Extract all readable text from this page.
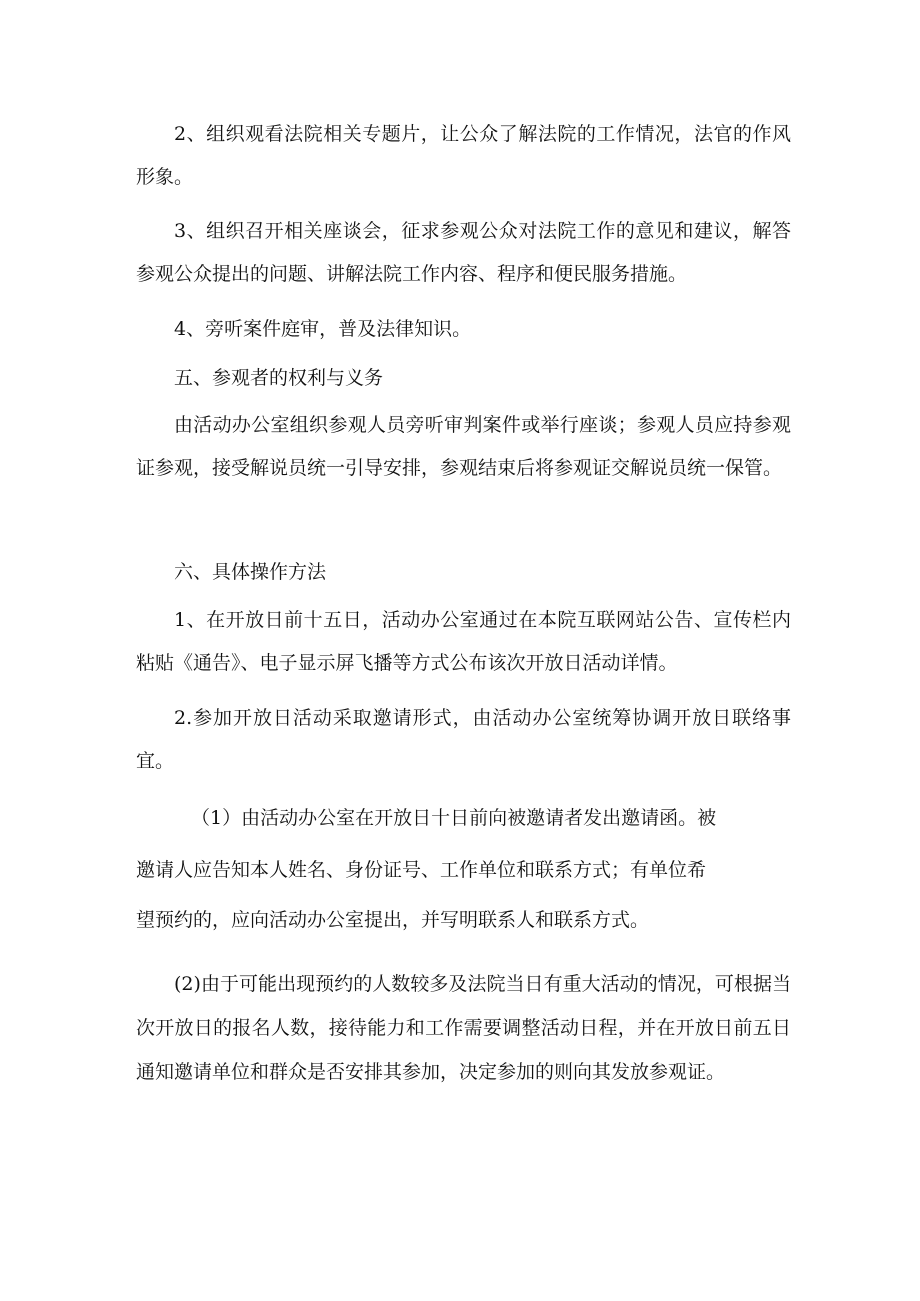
2、组织观看法院相关专题片，让公众了解法院的工作情况，法官的作风形象。

3、组织召开相关座谈会，征求参观公众对法院工作的意见和建议，解答参观公众提出的问题、讲解法院工作内容、程序和便民服务措施。

4、旁听案件庭审，普及法律知识。

五、参观者的权利与义务

由活动办公室组织参观人员旁听审判案件或举行座谈；参观人员应持参观证参观，接受解说员统一引导安排，参观结束后将参观证交解说员统一保管。

六、具体操作方法

1、在开放日前十五日，活动办公室通过在本院互联网站公告、宣传栏内粘贴《通告》、电子显示屏飞播等方式公布该次开放日活动详情。

2.参加开放日活动采取邀请形式，由活动办公室统筹协调开放日联络事宜。

（1）由活动办公室在开放日十日前向被邀请者发出邀请函。被

邀请人应告知本人姓名、身份证号、工作单位和联系方式；有单位希

望预约的，应向活动办公室提出，并写明联系人和联系方式。

(2)由于可能出现预约的人数较多及法院当日有重大活动的情况，可根据当次开放日的报名人数，接待能力和工作需要调整活动日程，并在开放日前五日通知邀请单位和群众是否安排其参加，决定参加的则向其发放参观证。
